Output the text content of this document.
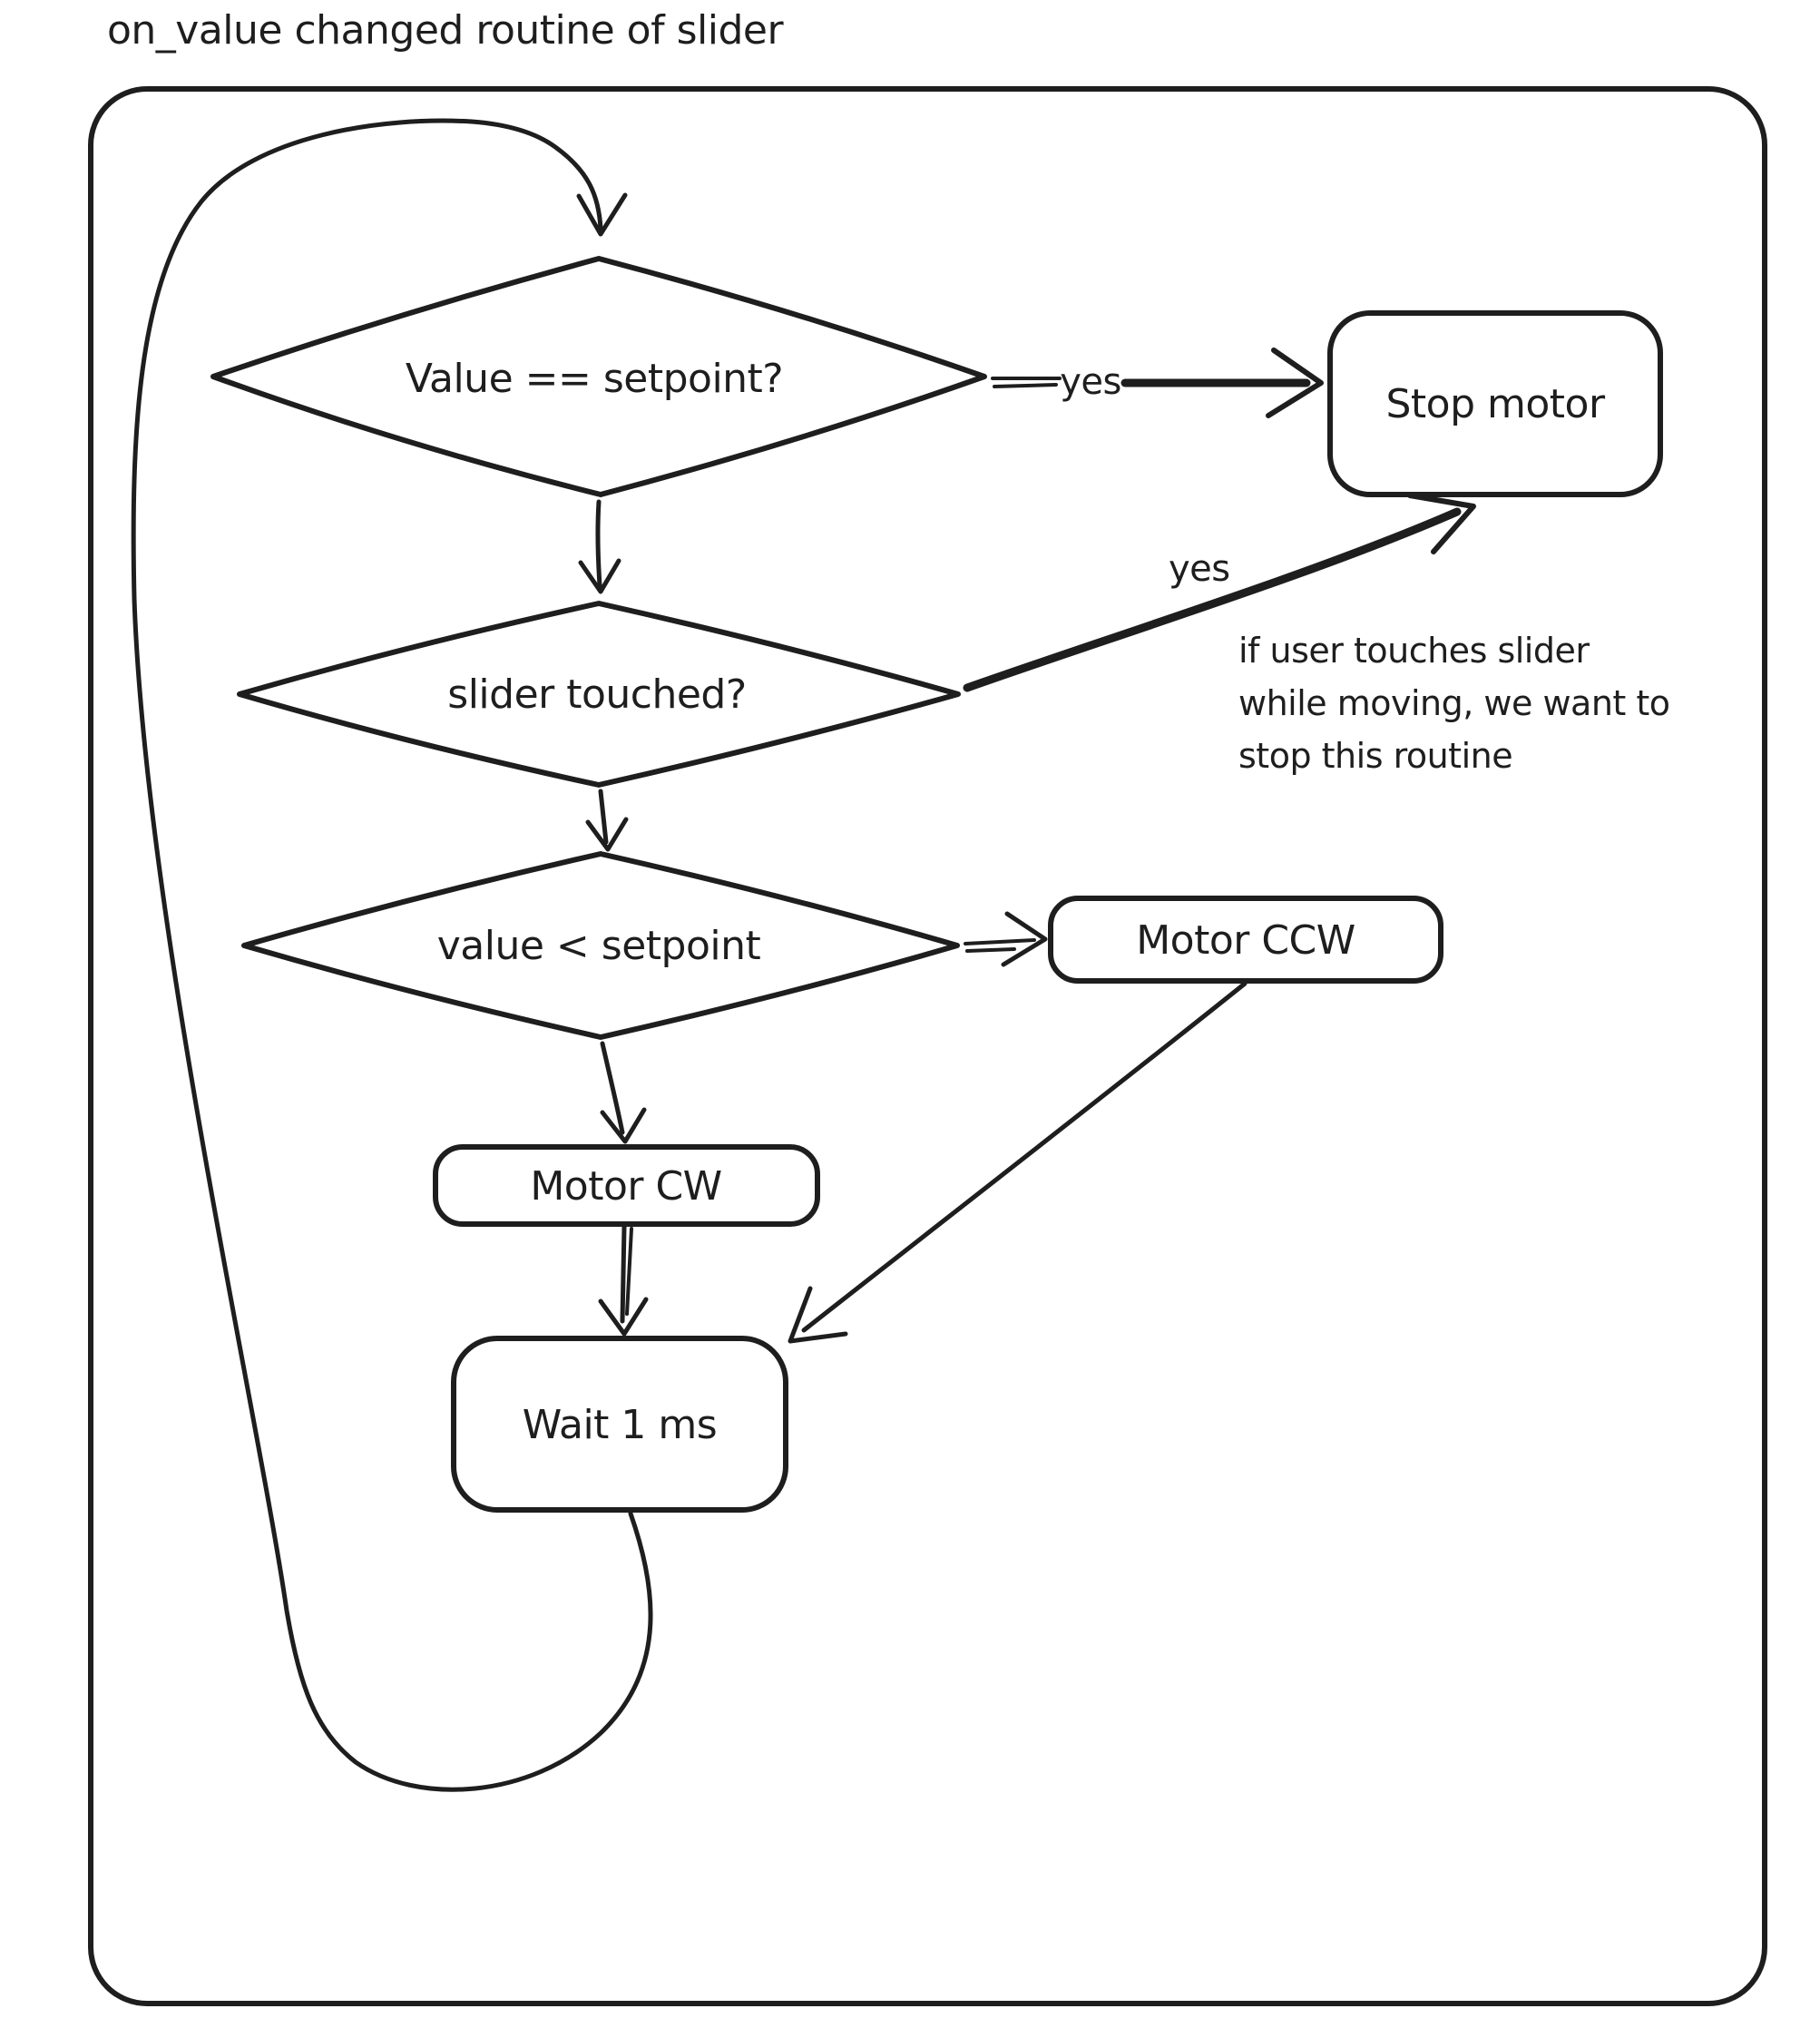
on_value changed routine of slider
Value == setpoint?	yes	Stop motor
slider touched?
yes
if user touches slider
while moving, we want to
stop this routine
value < setpoint	Motor CCW
Motor CW
Wait 1 ms
